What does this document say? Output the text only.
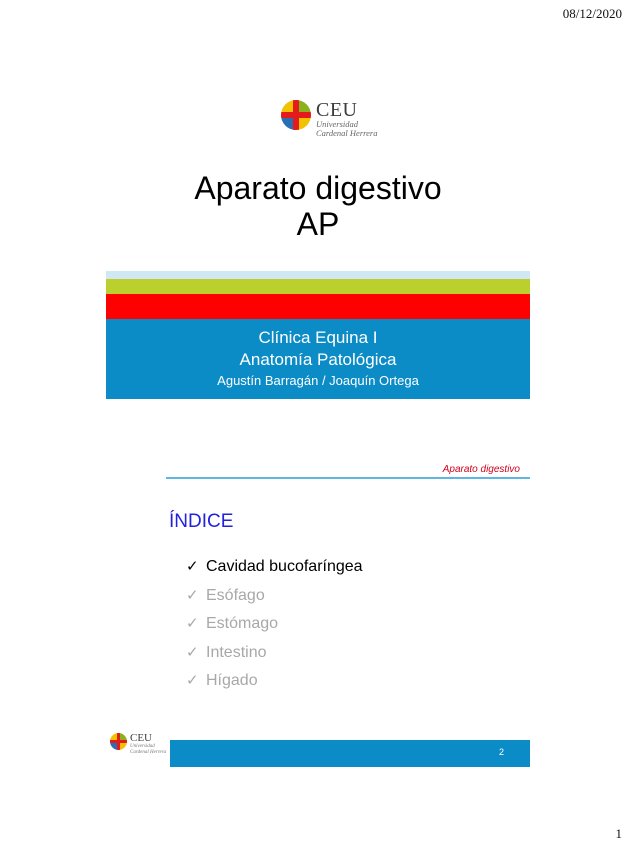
08/12/2020
CEU
Universidad
Cardenal Herrera
Aparato digestivo
AP
Clínica Equina I
Anatomía Patológica
Agustín Barragán / Joaquín Ortega
Aparato digestivo
ÍNDICE
✓ Cavidad bucofaríngea
✓ Esófago
✓ Estómago
✓ Intestino
✓ Hígado
CEU
Universidad
Cardenal Herrera	2
1
